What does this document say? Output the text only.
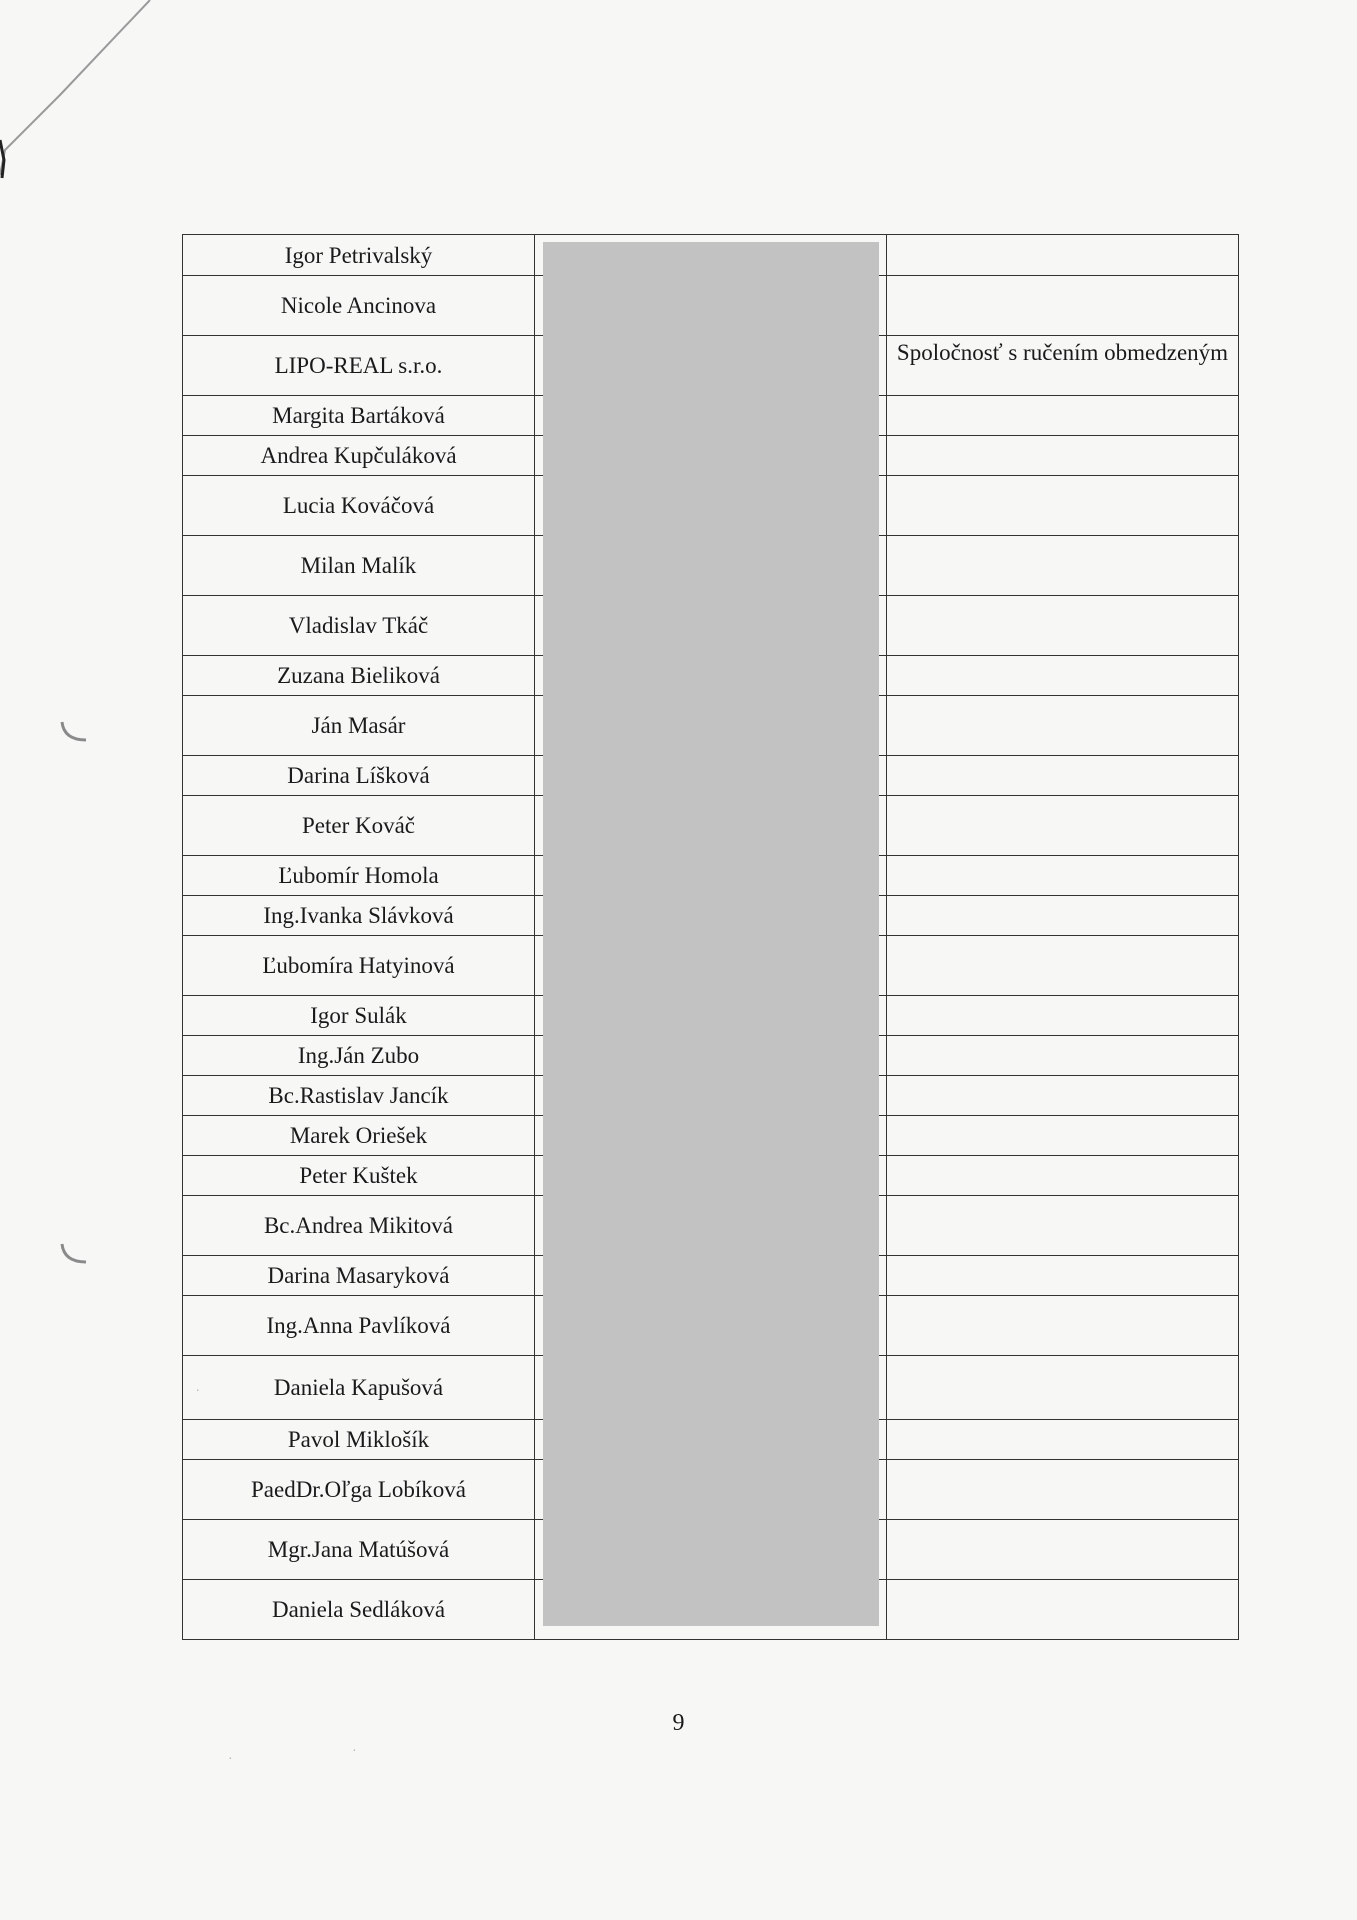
Igor Petrivalský		
Nicole Ancinova		
LIPO-REAL s.r.o.		Spoločnosť s ručením obmedzeným
Margita Bartáková		
Andrea Kupčuláková		
Lucia Kováčová		
Milan Malík		
Vladislav Tkáč		
Zuzana Bieliková		
Ján Masár		
Darina Líšková		
Peter Kováč		
Ľubomír Homola		
Ing.Ivanka Slávková		
Ľubomíra Hatyinová		
Igor Sulák		
Ing.Ján Zubo		
Bc.Rastislav Jancík		
Marek Oriešek		
Peter Kuštek		
Bc.Andrea Mikitová		
Darina Masaryková		
Ing.Anna Pavlíková		
Daniela Kapušová		
Pavol Miklošík		
PaedDr.Oľga Lobíková		
Mgr.Jana Matúšová		
Daniela Sedláková		
9
·
·
.
